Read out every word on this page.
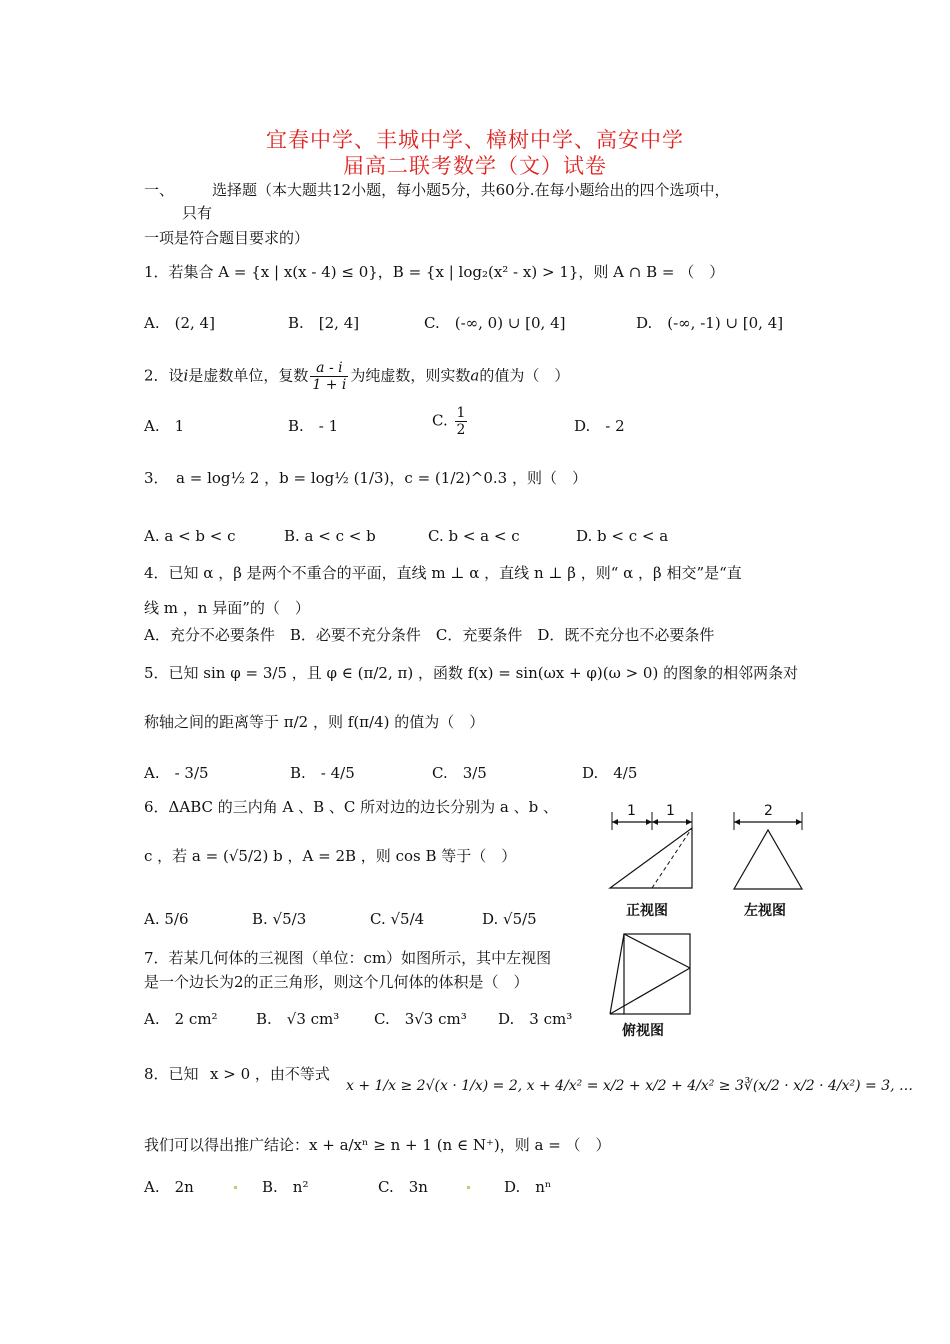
宜春中学、丰城中学、樟树中学、高安中学
届高二联考数学（文）试卷
一、	选择题（本大题共12小题，每小题5分，共60分.在每小题给出的四个选项中，
只有
一项是符合题目要求的）
1．若集合 A = {x | x(x - 4) ≤ 0}，B = {x | log₂(x² - x) > 1}，则 A ∩ B = （　）
A.　(2, 4]	B.　[2, 4]	C.　(-∞, 0) ∪ [0, 4]	D.　(-∞, -1) ∪ [0, 4]
2．设i是虚数单位，复数 $\frac{a - i}{1 + i}$ 为纯虚数，则实数a的值为（　）
A.　1	B.　- 1	C. $\frac{1}{2}$	D.　- 2
3．　a = log½ 2 ，b = log½ (1/3)，c = (1/2)^0.3 ，则（　）
A. a < b < c	B. a < c < b	C. b < a < c	D. b < c < a
4．已知 α ，β 是两个不重合的平面，直线 m ⊥ α ，直线 n ⊥ β ，则“ α ，β 相交”是“直
线 m ，n 异面”的（　）
A．充分不必要条件　B．必要不充分条件　C．充要条件　D．既不充分也不必要条件
5．已知 sin φ = 3/5 ，且 φ ∈ (π/2, π) ，函数 f(x) = sin(ωx + φ)(ω > 0) 的图象的相邻两条对
称轴之间的距离等于 π/2 ，则 f(π/4) 的值为（　）
A.　- 3/5	B.　- 4/5	C.　3/5	D.　4/5
6．ΔABC 的三内角 A 、B 、C 所对边的边长分别为 a 、b 、
c ，若 a = (√5/2) b ，A = 2B ，则 cos B 等于（　）
A. 5/6	B. √5/3	C. √5/4	D. √5/5
7．若某几何体的三视图（单位：cm）如图所示，其中左视图
是一个边长为2的正三角形，则这个几何体的体积是（　）
A.　2 cm²	B.　√3 cm³ C.　3√3 cm³ D.　3 cm³
8．已知 x > 0 ，由不等式
x + 1/x ≥ 2√(x · 1/x) = 2, x + 4/x² = x/2 + x/2 + 4/x² ≥ 3∛(x/2 · x/2 · 4/x²) = 3, …
我们可以得出推广结论：x + a/xⁿ ≥ n + 1 (n ∈ N⁺)，则 a = （　）
A.　2n	B.　n²	C.　3n	D.　nⁿ
1 1
正视图
2
左视图
俯视图
